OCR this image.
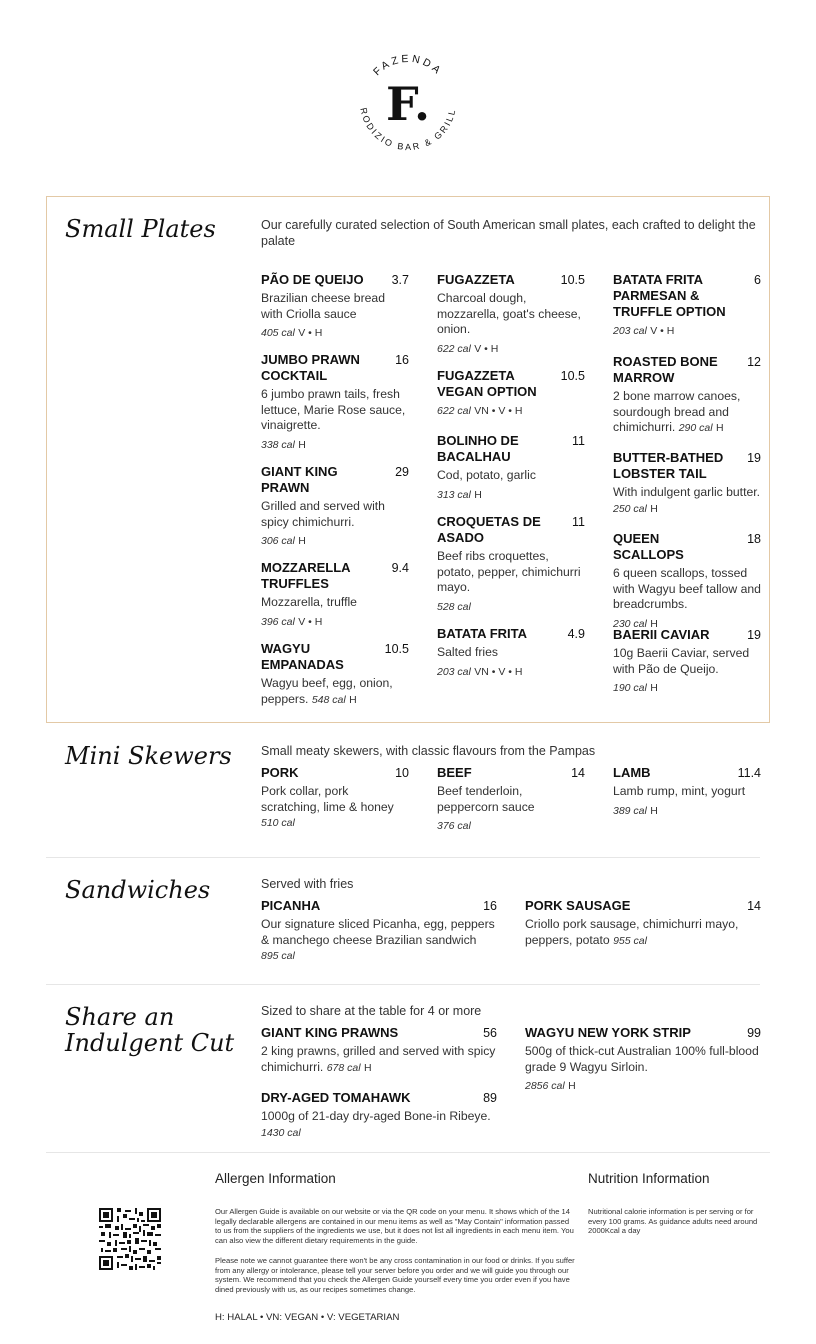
FAZENDA
RODIZIO BAR & GRILL
F.
Small Plates	Our carefully curated selection of South American small plates, each crafted to delight the palate
PÃO DE QUEIJO	3.7
Brazilian cheese bread with Criolla sauce
405 cal V • H
JUMBO PRAWN COCKTAIL
16
6 jumbo prawn tails, fresh lettuce, Marie Rose sauce, vinaigrette.
338 cal H
GIANT KING PRAWN
29
Grilled and served with spicy chimichurri.
306 cal H
MOZZARELLA TRUFFLES
9.4
Mozzarella, truffle
396 cal V • H
WAGYU EMPANADAS
10.5
Wagyu beef, egg, onion, peppers. 548 cal H
FUGAZZETA	10.5
Charcoal dough, mozzarella, goat's cheese, onion.
622 cal V • H
FUGAZZETA VEGAN OPTION
10.5
622 cal VN • V • H
BOLINHO DE BACALHAU
11
Cod, potato, garlic
313 cal H
CROQUETAS DE ASADO
11
Beef ribs croquettes, potato, pepper, chimichurri mayo.
528 cal
BATATA FRITA	4.9
Salted fries
203 cal VN • V • H
BATATA FRITA PARMESAN & TRUFFLE OPTION
6
203 cal V • H
ROASTED BONE MARROW
12
2 bone marrow canoes, sourdough bread and chimichurri. 290 cal H
BUTTER-BATHED LOBSTER TAIL
19
With indulgent garlic butter. 250 cal H
QUEEN SCALLOPS
18
6 queen scallops, tossed with Wagyu beef tallow and breadcrumbs.
230 cal H
BAERII CAVIAR	19
10g Baerii Caviar, served with Pão de Queijo.
190 cal H
Mini Skewers Small meaty skewers, with classic flavours from the Pampas
PORK	10
Pork collar, pork scratching, lime & honey 510 cal
BEEF	14
Beef tenderloin, peppercorn sauce
376 cal
LAMB	11.4
Lamb rump, mint, yogurt
389 cal H
Sandwiches	Served with fries
PICANHA	16
Our signature sliced Picanha, egg, peppers & manchego cheese Brazilian sandwich 895 cal
PORK SAUSAGE	14
Criollo pork sausage, chimichurri mayo, peppers, potato 955 cal
Share an
Indulgent Cut
Sized to share at the table for 4 or more
GIANT KING PRAWNS	56
2 king prawns, grilled and served with spicy chimichurri. 678 cal H
DRY-AGED TOMAHAWK	89
1000g of 21-day dry-aged Bone-in Ribeye. 1430 cal
WAGYU NEW YORK STRIP	99
500g of thick-cut Australian 100% full-blood grade 9 Wagyu Sirloin.
2856 cal H
Allergen Information
Our Allergen Guide is available on our website or via the QR code on your menu. It shows which of the 14 legally declarable allergens are contained in our menu items as well as "May Contain" information passed to us from the suppliers of the ingredients we use, but it does not list all ingredients in each menu item. You can also view the different dietary requirements in the guide.
Please note we cannot guarantee there won't be any cross contamination in our food or drinks. If you suffer from any allergy or intolerance, please tell your server before you order and we will guide you through our system. We recommend that you check the Allergen Guide yourself every time you order even if you have dined previously with us, as our recipes sometimes change.
Nutrition Information
Nutritional calorie information is per serving or for every 100 grams. As guidance adults need around 2000Kcal a day
H: HALAL • VN: VEGAN • V: VEGETARIAN
